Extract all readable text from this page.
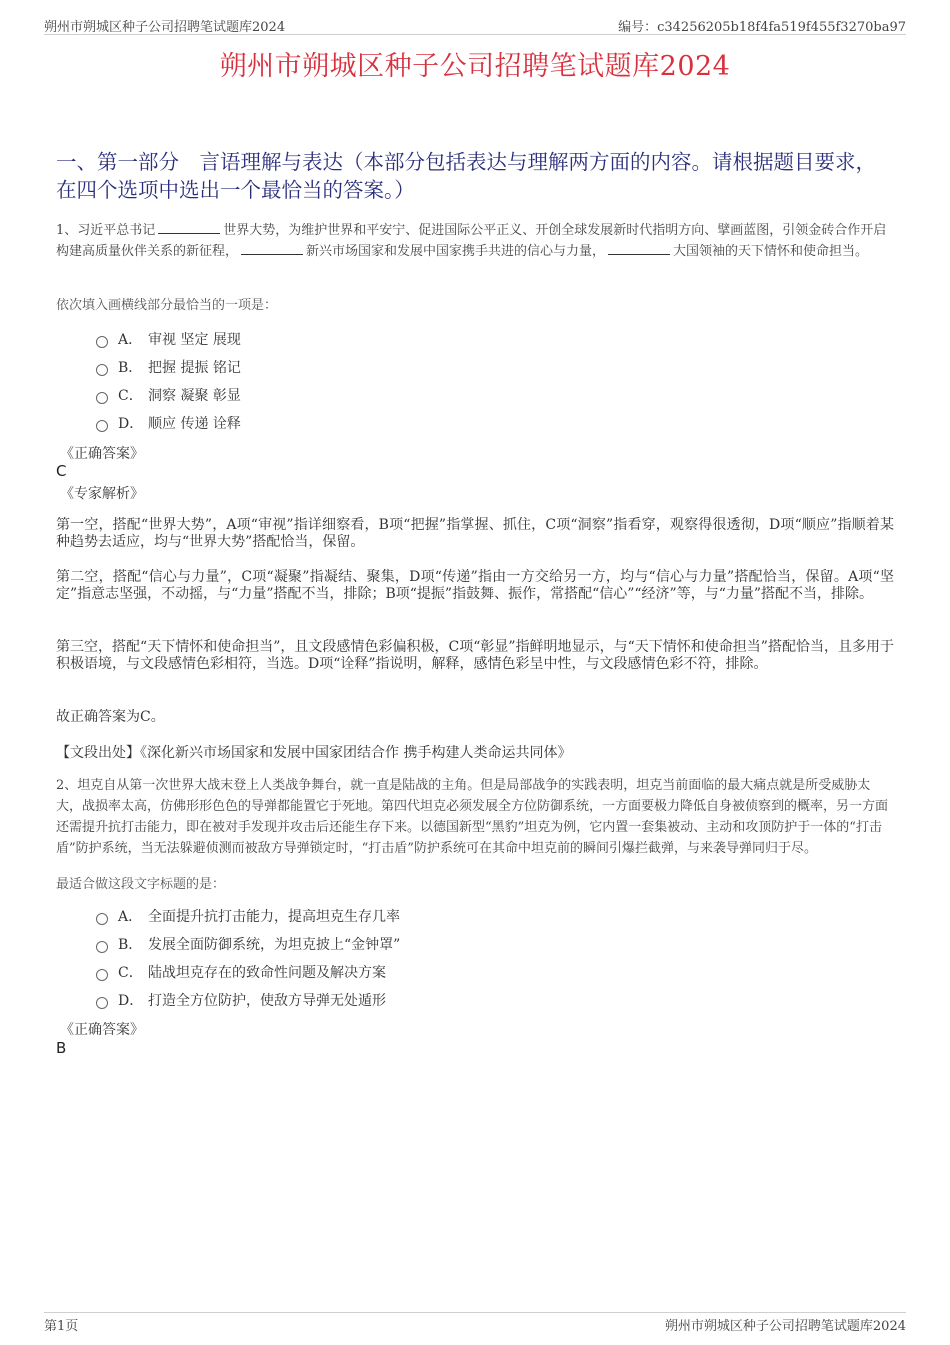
朔州市朔城区种子公司招聘笔试题库2024	编号：c34256205b18f4fa519f455f3270ba97
朔州市朔城区种子公司招聘笔试题库2024
一、第一部分　言语理解与表达（本部分包括表达与理解两方面的内容。请根据题目要求，在四个选项中选出一个最恰当的答案。）
1、习近平总书记	世界大势，为维护世界和平安宁、促进国际公平正义、开创全球发展新时代指明方向、擘画蓝图，引领金砖合作开启构建高质量伙伴关系的新征程，	新兴市场国家和发展中国家携手共进的信心与力量，	大国领袖的天下情怀和使命担当。
依次填入画横线部分最恰当的一项是：
A． 审视 坚定 展现
B． 把握 提振 铭记
C． 洞察 凝聚 彰显
D． 顺应 传递 诠释
《正确答案》
C
《专家解析》
第一空，搭配“世界大势”，A项“审视”指详细察看，B项“把握”指掌握、抓住，C项“洞察”指看穿，观察得很透彻，D项“顺应”指顺着某种趋势去适应，均与“世界大势”搭配恰当，保留。
第二空，搭配“信心与力量”，C项“凝聚”指凝结、聚集，D项“传递”指由一方交给另一方，均与“信心与力量”搭配恰当，保留。A项“坚定”指意志坚强，不动摇，与“力量”搭配不当，排除；B项“提振”指鼓舞、振作，常搭配“信心”“经济”等，与“力量”搭配不当，排除。
第三空，搭配“天下情怀和使命担当”，且文段感情色彩偏积极，C项“彰显”指鲜明地显示，与“天下情怀和使命担当”搭配恰当，且多用于积极语境，与文段感情色彩相符，当选。D项“诠释”指说明，解释，感情色彩呈中性，与文段感情色彩不符，排除。
故正确答案为C。
【文段出处】《深化新兴市场国家和发展中国家团结合作 携手构建人类命运共同体》
2、坦克自从第一次世界大战末登上人类战争舞台，就一直是陆战的主角。但是局部战争的实践表明，坦克当前面临的最大痛点就是所受威胁太大，战损率太高，仿佛形形色色的导弹都能置它于死地。第四代坦克必须发展全方位防御系统，一方面要极力降低自身被侦察到的概率，另一方面还需提升抗打击能力，即在被对手发现并攻击后还能生存下来。以德国新型“黑豹”坦克为例，它内置一套集被动、主动和攻顶防护于一体的“打击盾”防护系统，当无法躲避侦测而被敌方导弹锁定时，“打击盾”防护系统可在其命中坦克前的瞬间引爆拦截弹，与来袭导弹同归于尽。
最适合做这段文字标题的是：
A． 全面提升抗打击能力，提高坦克生存几率
B． 发展全面防御系统，为坦克披上“金钟罩”
C． 陆战坦克存在的致命性问题及解决方案
D． 打造全方位防护，使敌方导弹无处遁形
《正确答案》
B
第1页	朔州市朔城区种子公司招聘笔试题库2024
